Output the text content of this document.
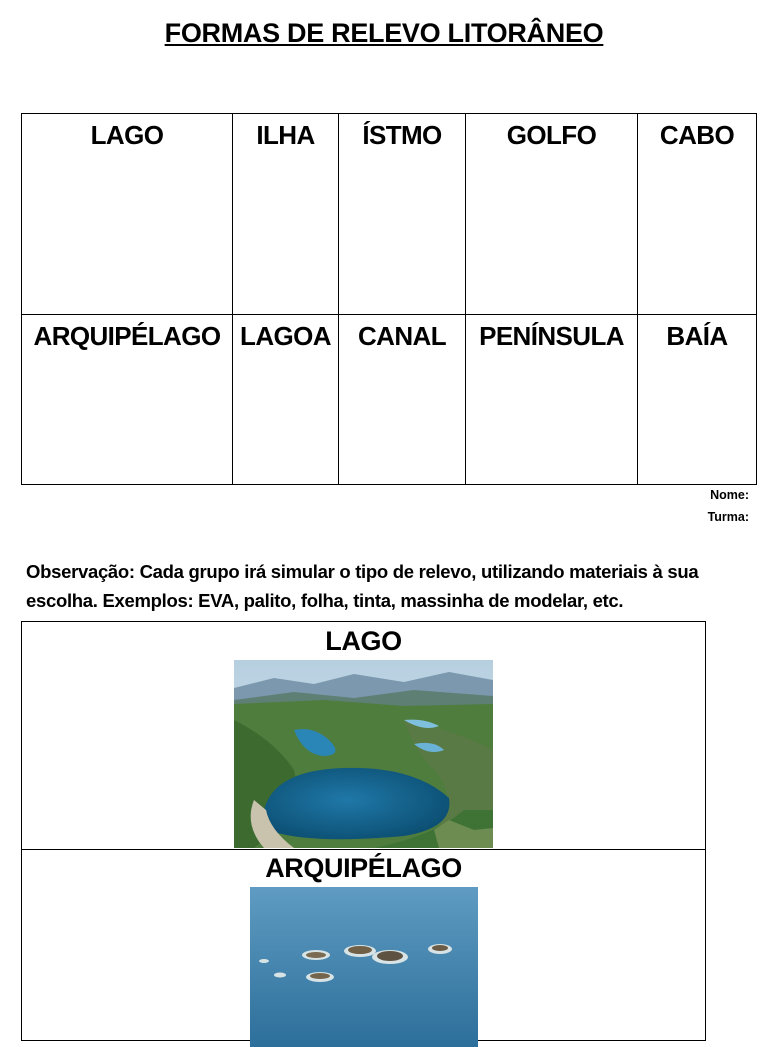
FORMAS DE RELEVO LITORÂNEO
LAGO	ILHA	ÍSTMO	GOLFO	CABO
ARQUIPÉLAGO	LAGOA	CANAL	PENÍNSULA	BAÍA
Nome:
Turma:
Observação: Cada grupo irá simular o tipo de relevo, utilizando materiais à sua escolha. Exemplos: EVA, palito, folha, tinta, massinha de modelar, etc.
LAGO
ARQUIPÉLAGO
